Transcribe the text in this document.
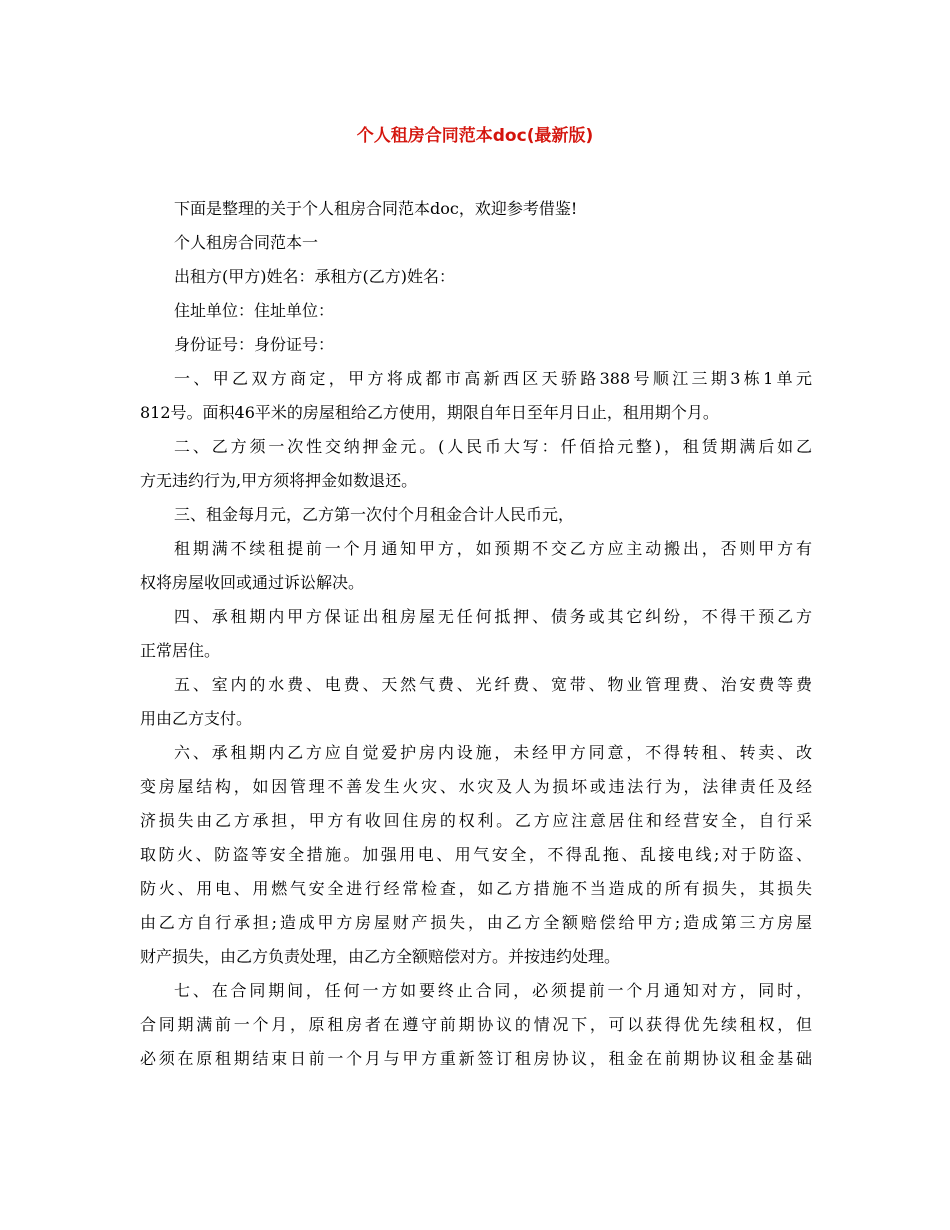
个人租房合同范本doc(最新版)
下面是整理的关于个人租房合同范本doc，欢迎参考借鉴!
个人租房合同范本一
出租方(甲方)姓名：承租方(乙方)姓名：
住址单位：住址单位：
身份证号：身份证号：
一、甲乙双方商定，甲方将成都市高新西区天骄路388号顺江三期3栋1单元
812号。面积46平米的房屋租给乙方使用，期限自年日至年月日止，租用期个月。
二、乙方须一次性交纳押金元。(人民币大写：仟佰拾元整)，租赁期满后如乙
方无违约行为,甲方须将押金如数退还。
三、租金每月元，乙方第一次付个月租金合计人民币元，
租期满不续租提前一个月通知甲方，如预期不交乙方应主动搬出，否则甲方有
权将房屋收回或通过诉讼解决。
四、承租期内甲方保证出租房屋无任何抵押、债务或其它纠纷，不得干预乙方
正常居住。
五、室内的水费、电费、天然气费、光纤费、宽带、物业管理费、治安费等费
用由乙方支付。
六、承租期内乙方应自觉爱护房内设施，未经甲方同意，不得转租、转卖、改
变房屋结构，如因管理不善发生火灾、水灾及人为损坏或违法行为，法律责任及经
济损失由乙方承担，甲方有收回住房的权利。乙方应注意居住和经营安全，自行采
取防火、防盗等安全措施。加强用电、用气安全，不得乱拖、乱接电线;对于防盗、
防火、用电、用燃气安全进行经常检查，如乙方措施不当造成的所有损失，其损失
由乙方自行承担;造成甲方房屋财产损失，由乙方全额赔偿给甲方;造成第三方房屋
财产损失，由乙方负责处理，由乙方全额赔偿对方。并按违约处理。
七、在合同期间，任何一方如要终止合同，必须提前一个月通知对方，同时，
合同期满前一个月，原租房者在遵守前期协议的情况下，可以获得优先续租权，但
必须在原租期结束日前一个月与甲方重新签订租房协议，租金在前期协议租金基础
